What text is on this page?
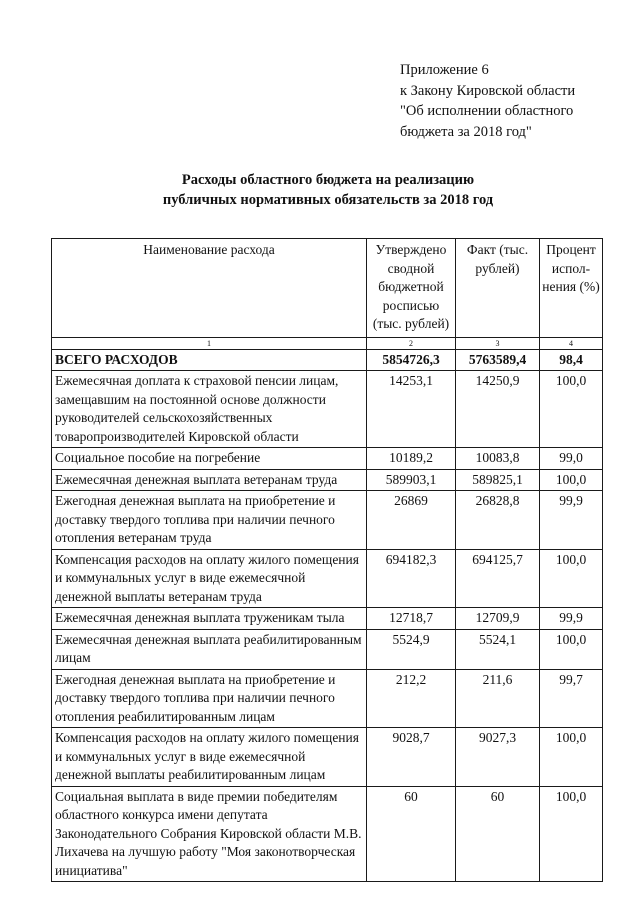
Приложение 6
к Закону Кировской области
"Об исполнении областного
бюджета за 2018 год"
Расходы областного бюджета на реализацию
публичных нормативных обязательств за 2018 год
Наименование расхода	Утверждено сводной бюджетной росписью (тыс. рублей)	Факт (тыс. рублей)	Процент испол-нения (%)
1	2	3	4
ВСЕГО РАСХОДОВ	5854726,3	5763589,4	98,4
Ежемесячная доплата к страховой пенсии лицам, замещавшим на постоянной основе должности руководителей сельскохозяйственных товаропроизводителей Кировской области	14253,1	14250,9	100,0
Социальное пособие на погребение	10189,2	10083,8	99,0
Ежемесячная денежная выплата ветеранам труда	589903,1	589825,1	100,0
Ежегодная денежная выплата на приобретение и доставку твердого топлива при наличии печного отопления ветеранам труда	26869	26828,8	99,9
Компенсация расходов на оплату жилого помещения и коммунальных услуг в виде ежемесячной денежной выплаты ветеранам труда	694182,3	694125,7	100,0
Ежемесячная денежная выплата труженикам тыла	12718,7	12709,9	99,9
Ежемесячная денежная выплата реабилитированным лицам	5524,9	5524,1	100,0
Ежегодная денежная выплата на приобретение и доставку твердого топлива при наличии печного отопления реабилитированным лицам	212,2	211,6	99,7
Компенсация расходов на оплату жилого помещения и коммунальных услуг в виде ежемесячной денежной выплаты реабилитированным лицам	9028,7	9027,3	100,0
Социальная выплата в виде премии победителям областного конкурса имени депутата Законодательного Собрания Кировской области М.В. Лихачева на лучшую работу "Моя законотворческая инициатива"	60	60	100,0
